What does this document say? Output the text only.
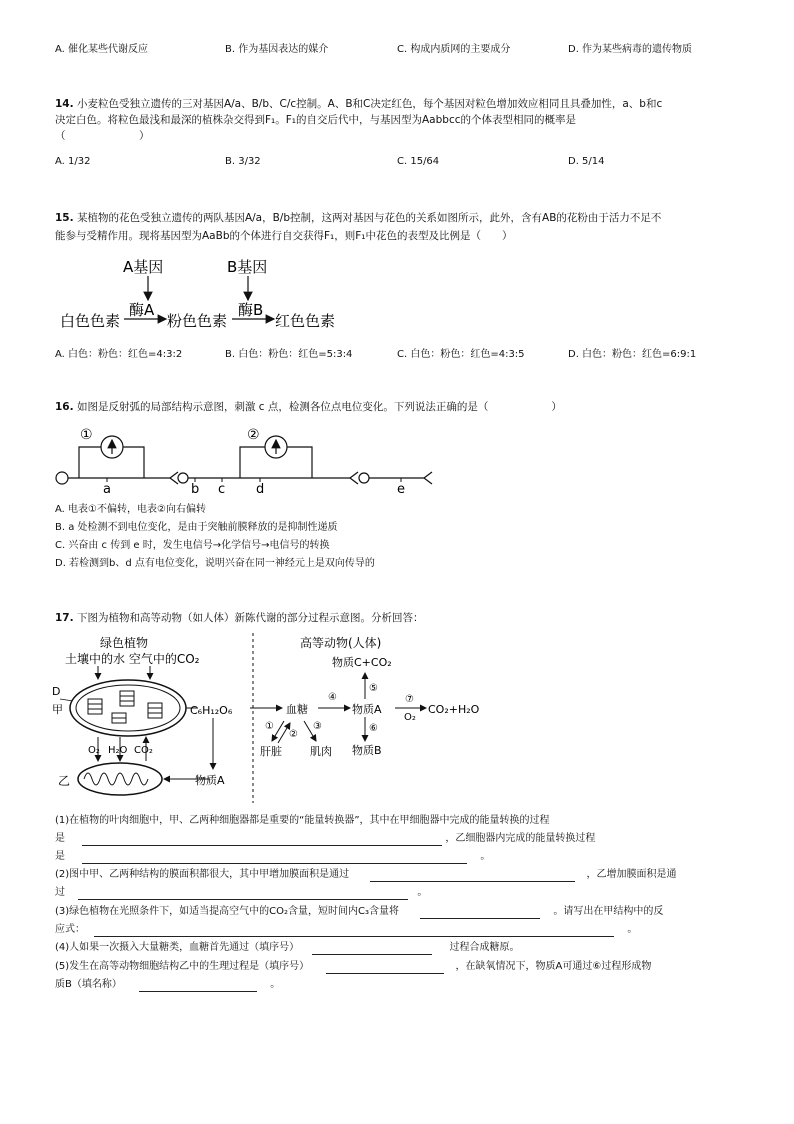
A. 催化某些代谢反应	B. 作为基因表达的媒介	C. 构成内质网的主要成分	D. 作为某些病毒的遗传物质
14. 小麦粒色受独立遗传的三对基因A/a、B/b、C/c控制。A、B和C决定红色，每个基因对粒色增加效应相同且具叠加性，a、b和c
决定白色。将粒色最浅和最深的植株杂交得到F₁。F₁的自交后代中，与基因型为Aabbcc的个体表型相同的概率是
（　　　　　　　）
A. 1/32	B. 3/32	C. 15/64	D. 5/14
15. 某植物的花色受独立遗传的两队基因A/a，B/b控制，这两对基因与花色的关系如图所示，此外，含有AB的花粉由于活力不足不
能参与受精作用。现将基因型为AaBb的个体进行自交获得F₁，则F₁中花色的表型及比例是（　　）
A基因	B基因
酶A	酶B
白色色素	粉色色素	红色色素
A. 白色：粉色：红色=4:3:2	B. 白色：粉色：红色=5:3:4	C. 白色：粉色：红色=4:3:5	D. 白色：粉色：红色=6:9:1
16. 如图是反射弧的局部结构示意图，刺激 c 点，检测各位点电位变化。下列说法正确的是（　　　　　　）
①
a
②
b c d	e
A. 电表①不偏转，电表②向右偏转
B. a 处检测不到电位变化，是由于突触前膜释放的是抑制性递质
C. 兴奋由 c 传到 e 时，发生电信号→化学信号→电信号的转换
D. 若检测到b、d 点有电位变化，说明兴奋在同一神经元上是双向传导的
17. 下图为植物和高等动物（如人体）新陈代谢的部分过程示意图。分析回答：
绿色植物
土壤中的水 空气中的CO₂
D
甲	C₆H₁₂O₆
O₂ H₂O CO₂
乙	物质A
高等动物(人体)
物质C+CO₂
血糖
④
物质A
⑤
⑥
物质B
⑦
O₂
CO₂+H₂O
①
②
③
肝脏	肌肉
(1)在植物的叶肉细胞中，甲、乙两种细胞器都是重要的“能量转换器”，其中在甲细胞器中完成的能量转换的过程
是	，乙细胞器内完成的能量转换过程
是	。
(2)图中甲、乙两种结构的膜面积都很大，其中甲增加膜面积是通过	，乙增加膜面积是通
过	。
(3)绿色植物在光照条件下，如适当提高空气中的CO₂含量，短时间内C₃含量将	。请写出在甲结构中的反
应式：	。
(4)人如果一次摄入大量糖类，血糖首先通过（填序号）	过程合成糖原。
(5)发生在高等动物细胞结构乙中的生理过程是（填序号）	，在缺氧情况下，物质A可通过⑥过程形成物
质B（填名称）	。
